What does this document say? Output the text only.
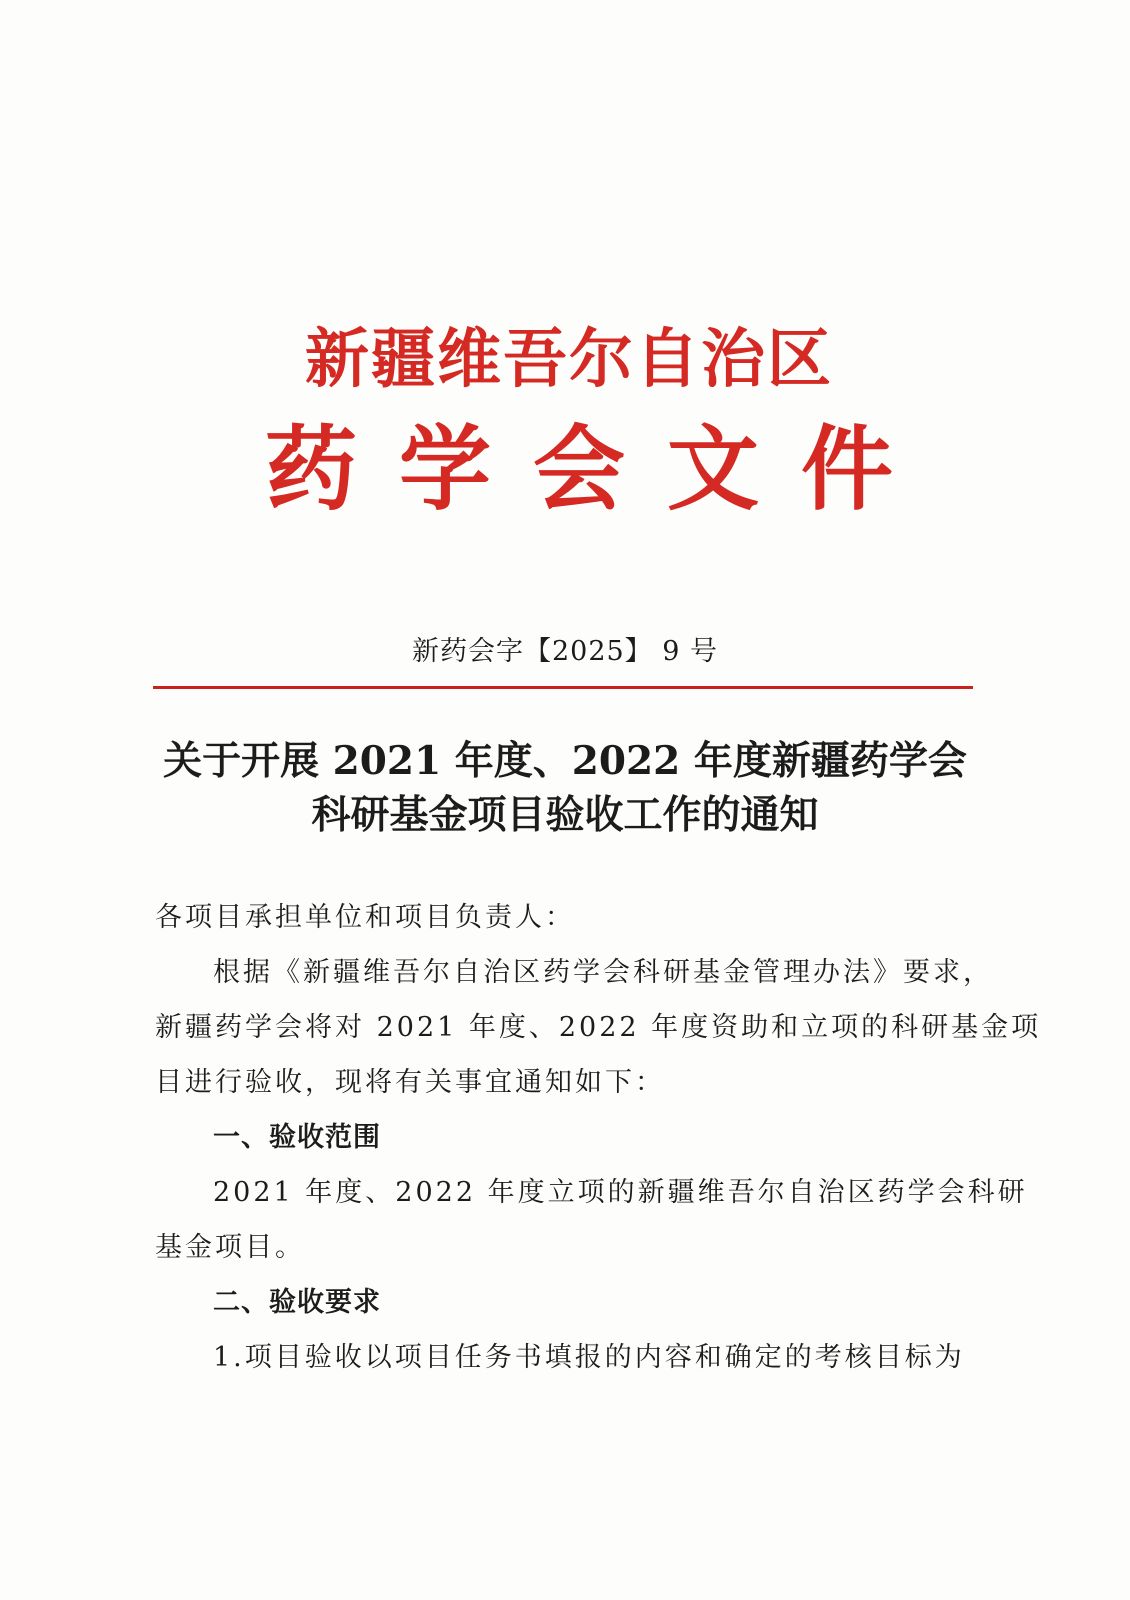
新疆维吾尔自治区
药学会文件
新药会字【2025】 9 号
关于开展 2021 年度、2022 年度新疆药学会
科研基金项目验收工作的通知

各项目承担单位和项目负责人：

根据《新疆维吾尔自治区药学会科研基金管理办法》要求，

新疆药学会将对 2021 年度、2022 年度资助和立项的科研基金项

目进行验收，现将有关事宜通知如下：

一、验收范围

2021 年度、2022 年度立项的新疆维吾尔自治区药学会科研

基金项目。

二、验收要求

1.项目验收以项目任务书填报的内容和确定的考核目标为
